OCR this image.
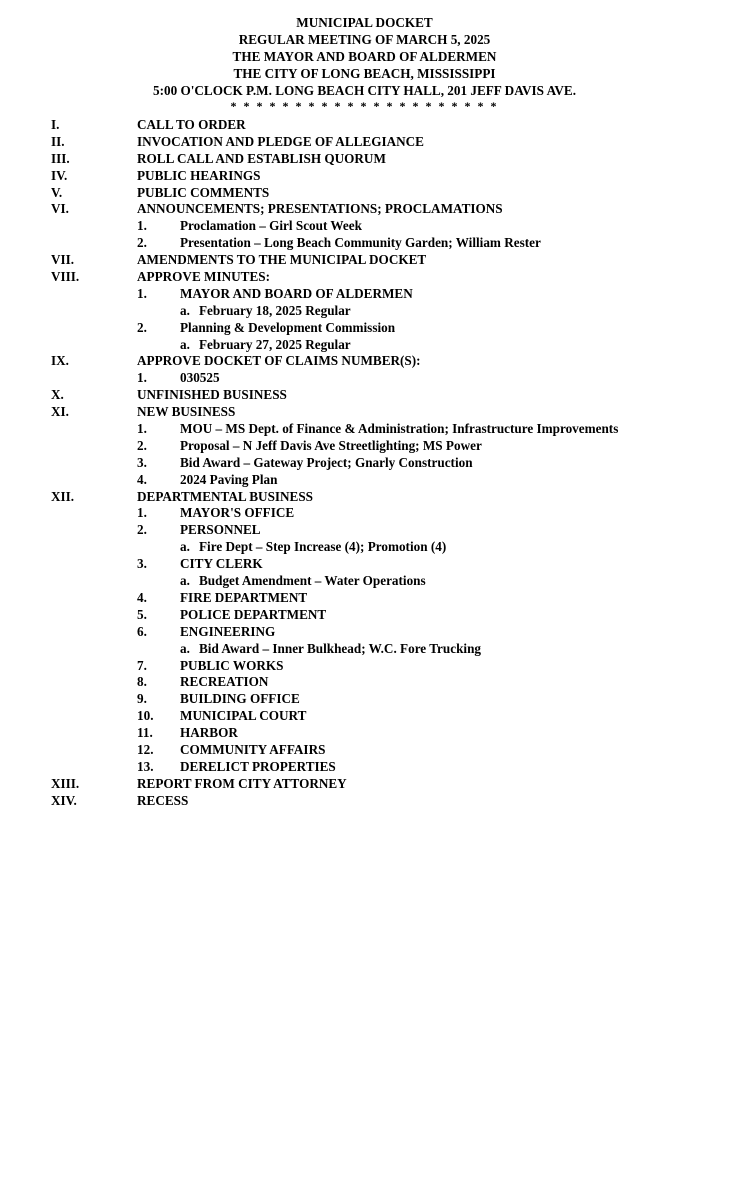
MUNICIPAL DOCKET
REGULAR MEETING OF MARCH 5, 2025
THE MAYOR AND BOARD OF ALDERMEN
THE CITY OF LONG BEACH, MISSISSIPPI
5:00 O'CLOCK P.M. LONG BEACH CITY HALL, 201 JEFF DAVIS AVE.
* * * * * * * * * * * * * * * * * * * * *
I.	CALL TO ORDER
II.	INVOCATION AND PLEDGE OF ALLEGIANCE
III.	ROLL CALL AND ESTABLISH QUORUM
IV.	PUBLIC HEARINGS
V.	PUBLIC COMMENTS
VI.	ANNOUNCEMENTS; PRESENTATIONS; PROCLAMATIONS
1.	Proclamation – Girl Scout Week
2.	Presentation – Long Beach Community Garden; William Rester
VII.	AMENDMENTS TO THE MUNICIPAL DOCKET
VIII.	APPROVE MINUTES:
1.	MAYOR AND BOARD OF ALDERMEN
a. February 18, 2025 Regular
2.	Planning & Development Commission
a. February 27, 2025 Regular
IX.	APPROVE DOCKET OF CLAIMS NUMBER(S):
1.	030525
X.	UNFINISHED BUSINESS
XI.	NEW BUSINESS
1.	MOU – MS Dept. of Finance & Administration; Infrastructure Improvements
2.	Proposal – N Jeff Davis Ave Streetlighting; MS Power
3.	Bid Award – Gateway Project; Gnarly Construction
4.	2024 Paving Plan
XII.	DEPARTMENTAL BUSINESS
1.	MAYOR'S OFFICE
2.	PERSONNEL
a. Fire Dept – Step Increase (4); Promotion (4)
3.	CITY CLERK
a. Budget Amendment – Water Operations
4.	FIRE DEPARTMENT
5.	POLICE DEPARTMENT
6.	ENGINEERING
a. Bid Award – Inner Bulkhead; W.C. Fore Trucking
7.	PUBLIC WORKS
8.	RECREATION
9.	BUILDING OFFICE
10. MUNICIPAL COURT
11. HARBOR
12. COMMUNITY AFFAIRS
13. DERELICT PROPERTIES
XIII.	REPORT FROM CITY ATTORNEY
XIV.	RECESS
